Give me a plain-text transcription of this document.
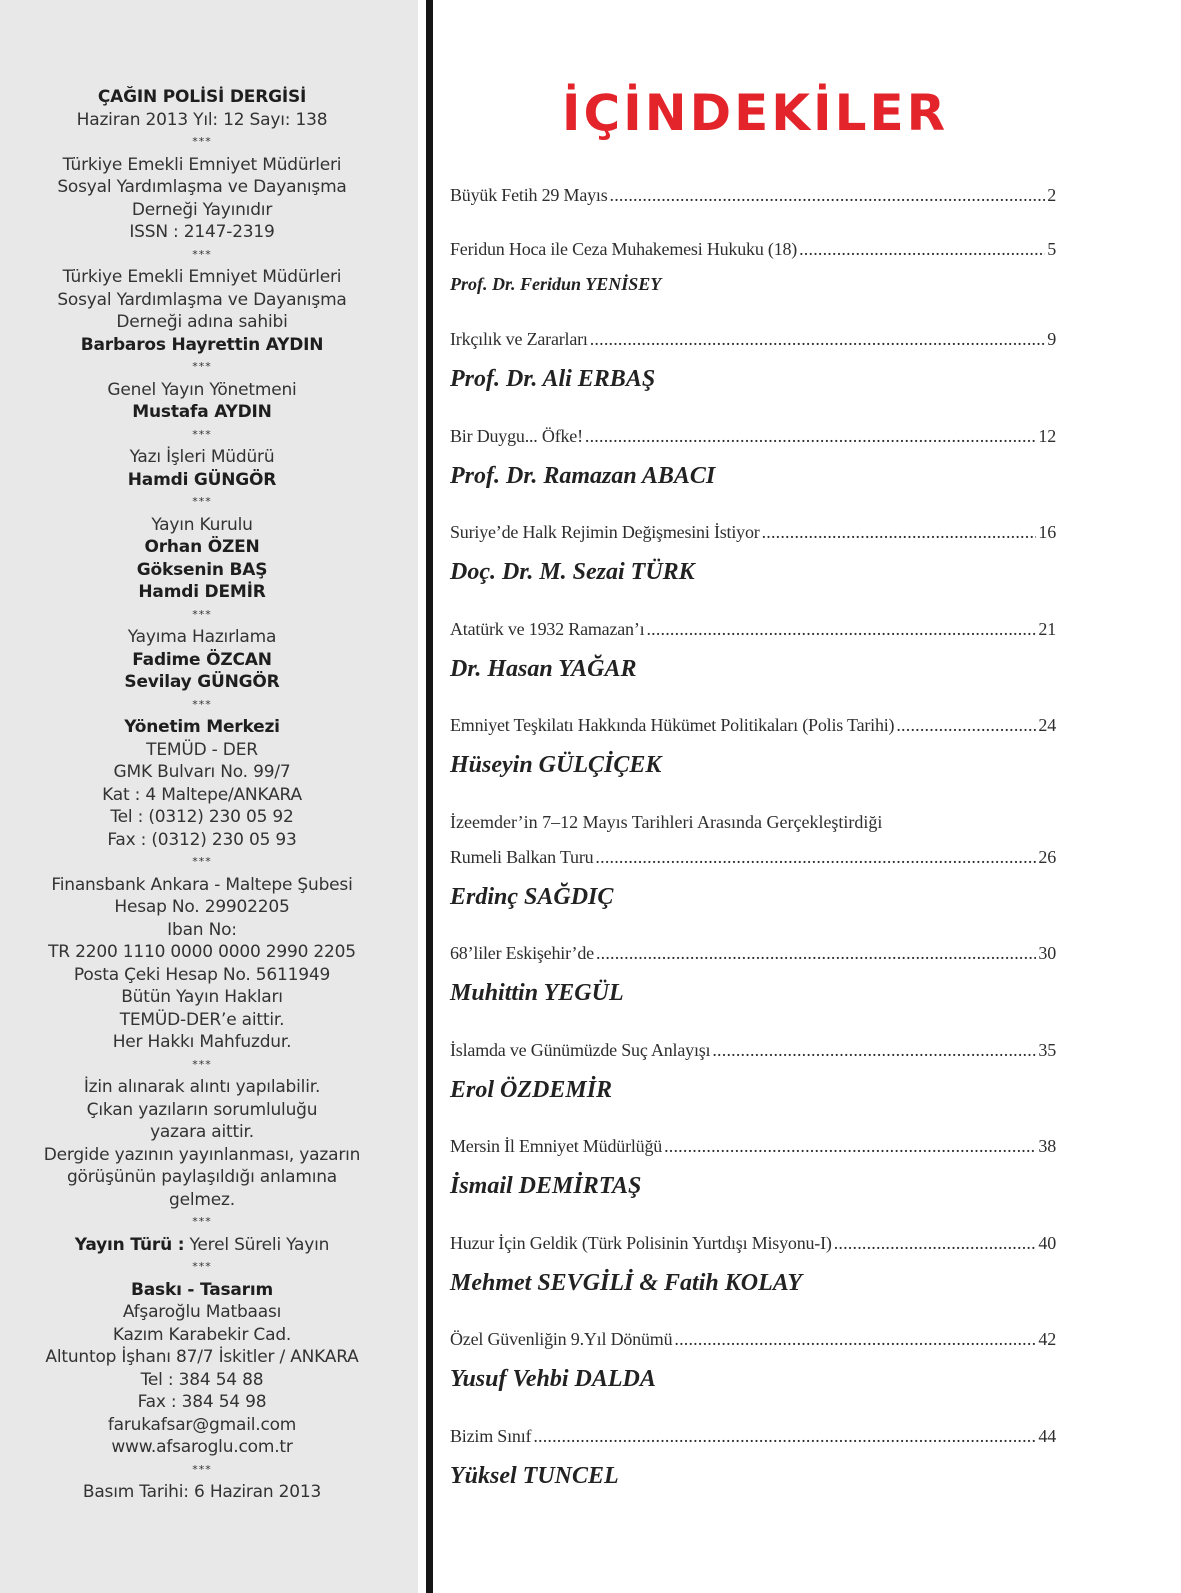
ÇAĞIN POLİSİ DERGİSİ
Haziran 2013 Yıl: 12 Sayı: 138
***
Türkiye Emekli Emniyet Müdürleri
Sosyal Yardımlaşma ve Dayanışma
Derneği Yayınıdır
ISSN : 2147-2319
***
Türkiye Emekli Emniyet Müdürleri
Sosyal Yardımlaşma ve Dayanışma
Derneği adına sahibi
Barbaros Hayrettin AYDIN
***
Genel Yayın Yönetmeni
Mustafa AYDIN
***
Yazı İşleri Müdürü
Hamdi GÜNGÖR
***
Yayın Kurulu
Orhan ÖZEN
Göksenin BAŞ
Hamdi DEMİR
***
Yayıma Hazırlama
Fadime ÖZCAN
Sevilay GÜNGÖR
***
Yönetim Merkezi
TEMÜD - DER
GMK Bulvarı No. 99/7
Kat : 4 Maltepe/ANKARA
Tel : (0312) 230 05 92
Fax : (0312) 230 05 93
***
Finansbank Ankara - Maltepe Şubesi
Hesap No. 29902205
Iban No:
TR 2200 1110 0000 0000 2990 2205
Posta Çeki Hesap No. 5611949
Bütün Yayın Hakları
TEMÜD-DER’e aittir.
Her Hakkı Mahfuzdur.
***
İzin alınarak alıntı yapılabilir.
Çıkan yazıların sorumluluğu
yazara aittir.
Dergide yazının yayınlanması, yazarın
görüşünün paylaşıldığı anlamına
gelmez.
***
Yayın Türü : Yerel Süreli Yayın
***
Baskı - Tasarım
Afşaroğlu Matbaası
Kazım Karabekir Cad.
Altuntop İşhanı 87/7 İskitler / ANKARA
Tel : 384 54 88
Fax : 384 54 98
farukafsar@gmail.com
www.afsaroglu.com.tr
***
Basım Tarihi: 6 Haziran 2013
İÇİNDEKİLER
Büyük Fetih 29 Mayıs .....	2
Feridun Hoca ile Ceza Muhakemesi Hukuku (18) .....	5
Prof. Dr. Feridun YENİSEY
Irkçılık ve Zararları .....	9
Prof. Dr. Ali ERBAŞ
Bir Duygu... Öfke! .....	12
Prof. Dr. Ramazan ABACI
Suriye’de Halk Rejimin Değişmesini İstiyor .....	16
Doç. Dr. M. Sezai TÜRK
Atatürk ve 1932 Ramazan’ı .....	21
Dr. Hasan YAĞAR
Emniyet Teşkilatı Hakkında Hükümet Politikaları (Polis Tarihi) .....	24
Hüseyin GÜLÇİÇEK
İzeemder’in 7–12 Mayıs Tarihleri Arasında Gerçekleştirdiği
Rumeli Balkan Turu .....	26
Erdinç SAĞDIÇ
68’liler Eskişehir’de .....	30
Muhittin YEGÜL
İslamda ve Günümüzde Suç Anlayışı .....	35
Erol ÖZDEMİR
Mersin İl Emniyet Müdürlüğü .....	38
İsmail DEMİRTAŞ
Huzur İçin Geldik (Türk Polisinin Yurtdışı Misyonu-I) .....	40
Mehmet SEVGİLİ & Fatih KOLAY
Özel Güvenliğin 9.Yıl Dönümü .....	42
Yusuf Vehbi DALDA
Bizim Sınıf .....	44
Yüksel TUNCEL
